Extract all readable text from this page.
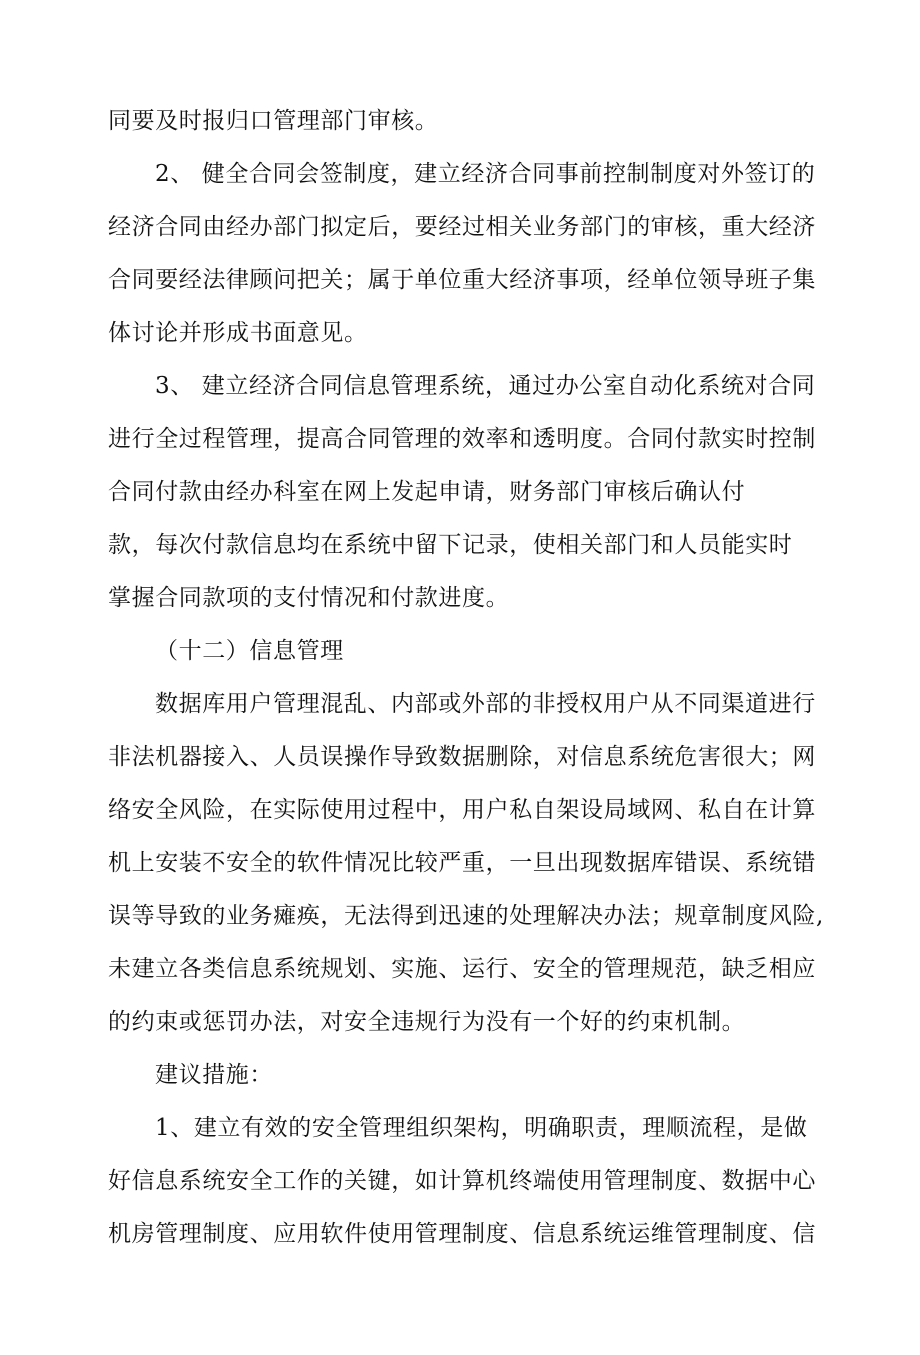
同要及时报归口管理部门审核。
2、 健全合同会签制度，建立经济合同事前控制制度对外签订的
经济合同由经办部门拟定后，要经过相关业务部门的审核，重大经济
合同要经法律顾问把关；属于单位重大经济事项，经单位领导班子集
体讨论并形成书面意见。
3、 建立经济合同信息管理系统，通过办公室自动化系统对合同
进行全过程管理，提高合同管理的效率和透明度。合同付款实时控制
合同付款由经办科室在网上发起申请，财务部门审核后确认付
款，每次付款信息均在系统中留下记录，使相关部门和人员能实时
掌握合同款项的支付情况和付款进度。
（十二）信息管理
数据库用户管理混乱、内部或外部的非授权用户从不同渠道进行
非法机器接入、人员误操作导致数据删除，对信息系统危害很大；网
络安全风险，在实际使用过程中，用户私自架设局域网、私自在计算
机上安装不安全的软件情况比较严重，一旦出现数据库错误、系统错
误等导致的业务瘫痪，无法得到迅速的处理解决办法；规章制度风险,
未建立各类信息系统规划、实施、运行、安全的管理规范，缺乏相应
的约束或惩罚办法，对安全违规行为没有一个好的约束机制。
建议措施：
1、建立有效的安全管理组织架构，明确职责，理顺流程，是做
好信息系统安全工作的关键，如计算机终端使用管理制度、数据中心
机房管理制度、应用软件使用管理制度、信息系统运维管理制度、信
